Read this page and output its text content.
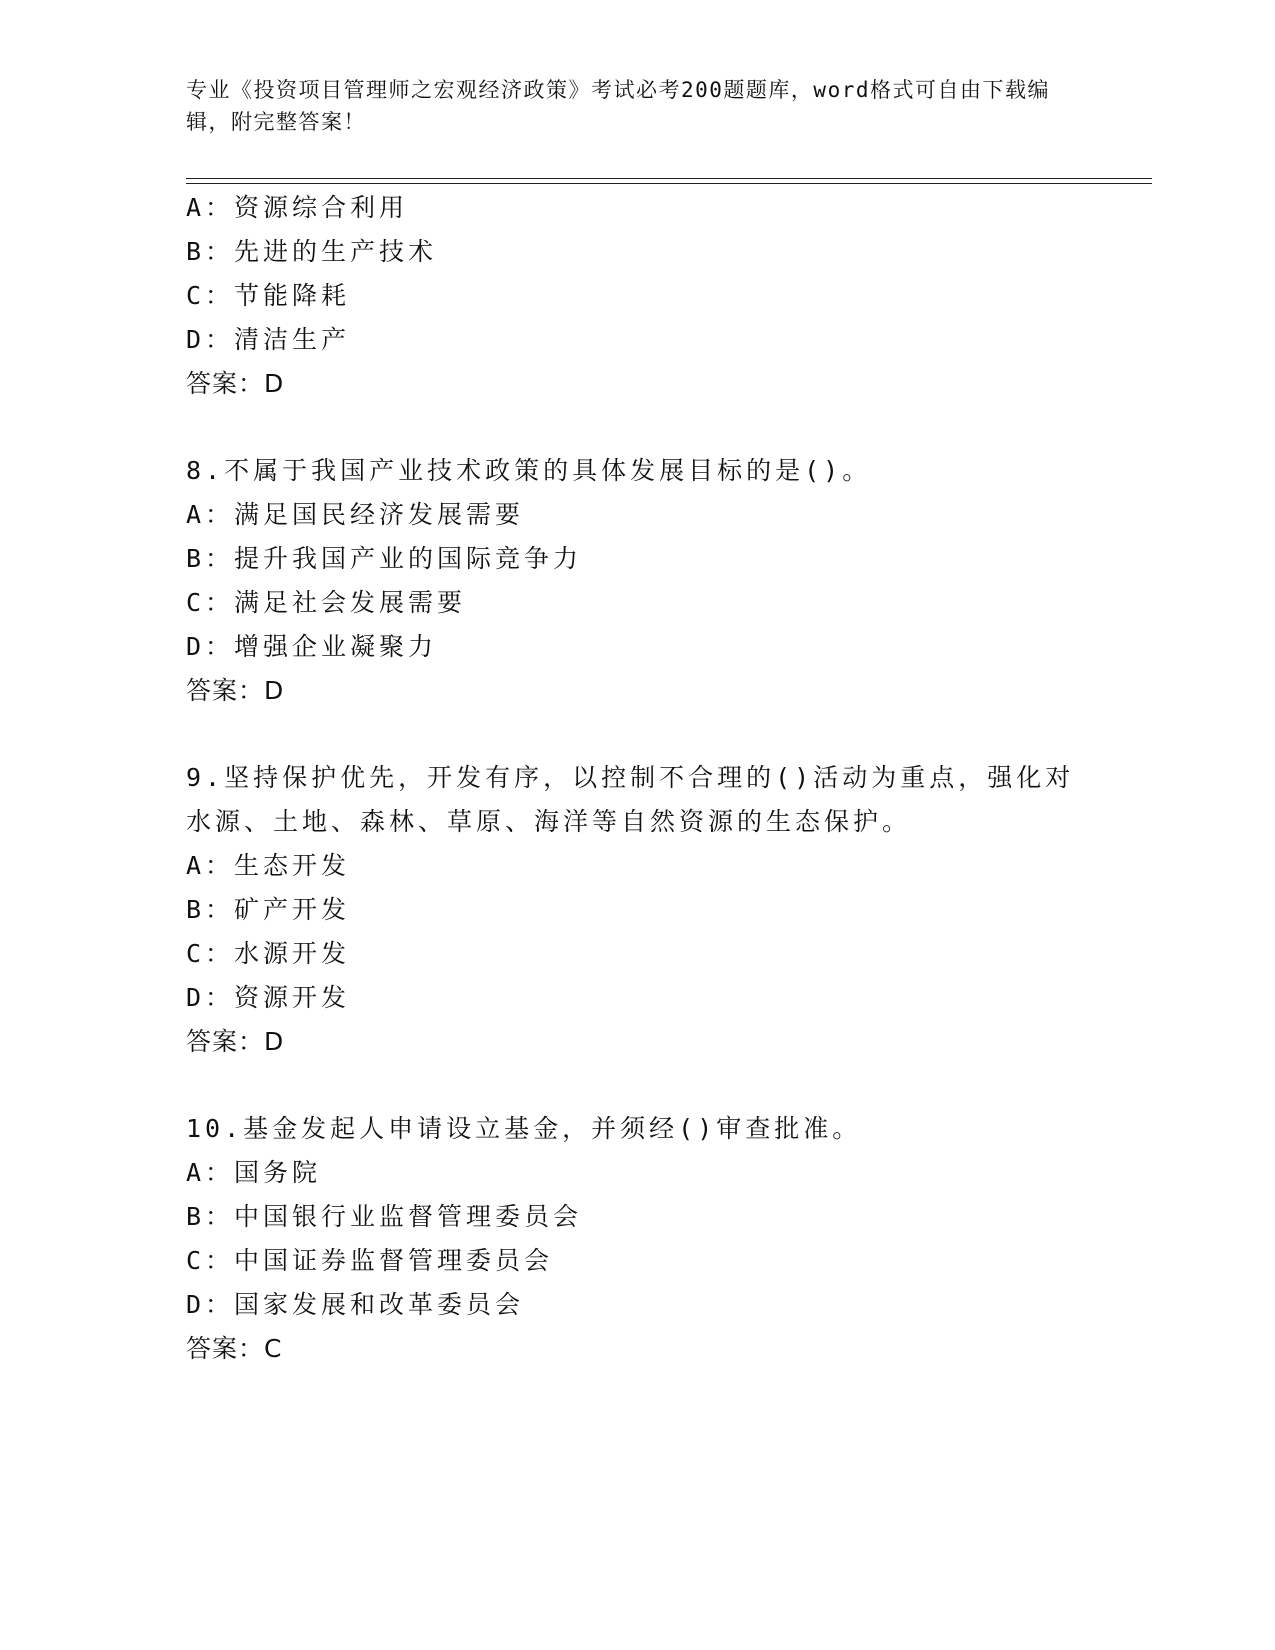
专业《投资项目管理师之宏观经济政策》考试必考200题题库，word格式可自由下载编辑，附完整答案！
A：资源综合利用
B：先进的生产技术
C：节能降耗
D：清洁生产
答案：D
8.不属于我国产业技术政策的具体发展目标的是()。
A：满足国民经济发展需要
B：提升我国产业的国际竞争力
C：满足社会发展需要
D：增强企业凝聚力
答案：D
9.坚持保护优先，开发有序，以控制不合理的()活动为重点，强化对
水源、土地、森林、草原、海洋等自然资源的生态保护。
A：生态开发
B：矿产开发
C：水源开发
D：资源开发
答案：D
10.基金发起人申请设立基金，并须经()审查批准。
A：国务院
B：中国银行业监督管理委员会
C：中国证券监督管理委员会
D：国家发展和改革委员会
答案：C
